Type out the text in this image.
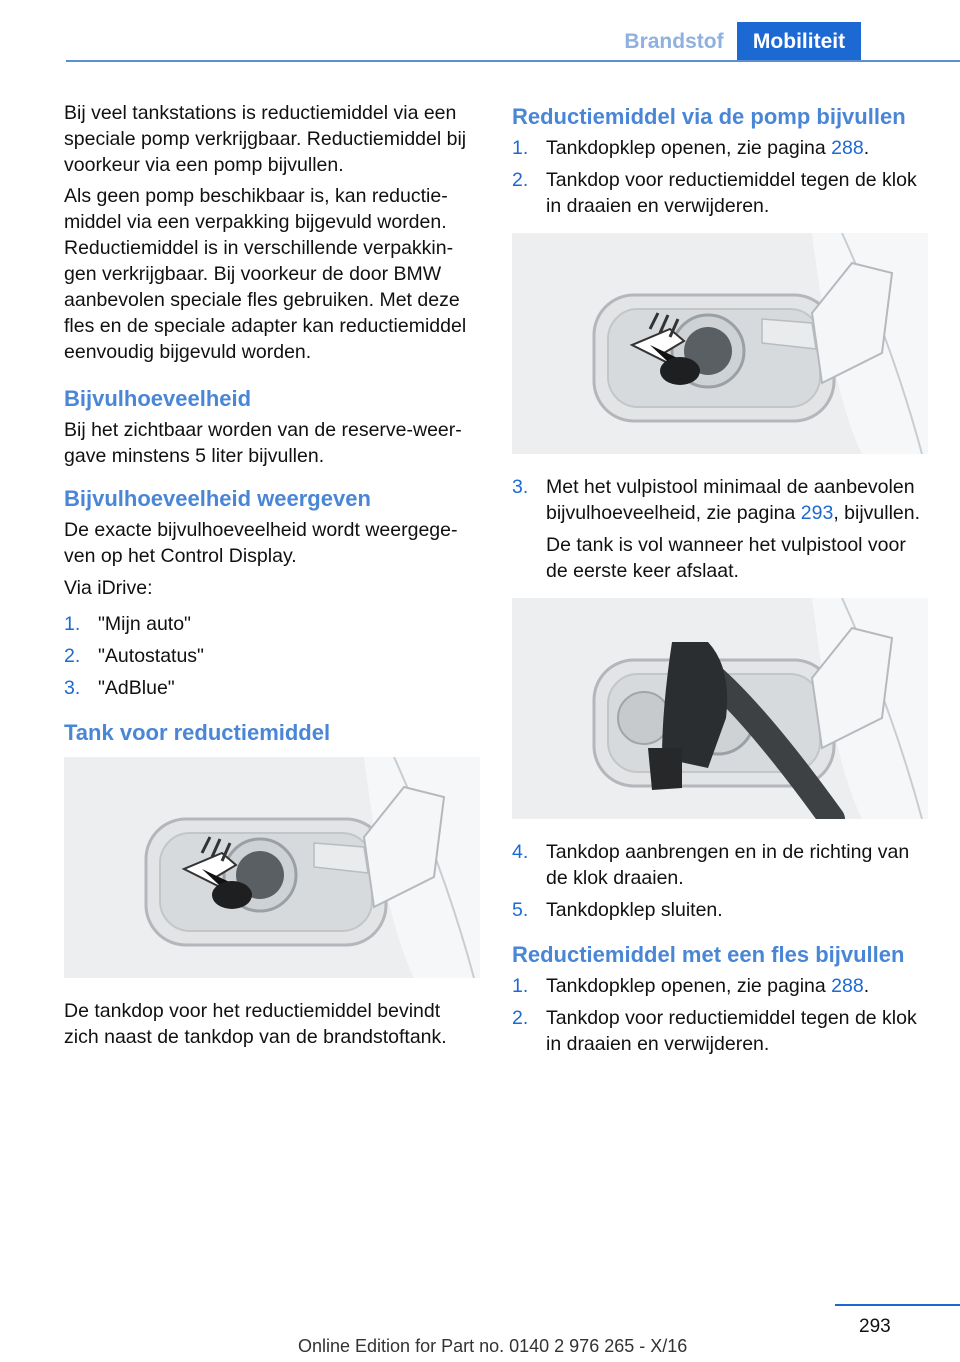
Brandstof	Mobiliteit

Bij veel tankstations is reductiemiddel via een speciale pomp verkrijgbaar. Reductiemiddel bij voorkeur via een pomp bijvullen.

Als geen pomp beschikbaar is, kan reductie-middel via een verpakking bijgevuld worden. Reductiemiddel is in verschillende verpakkin-gen verkrijgbaar. Bij voorkeur de door BMW aanbevolen speciale fles gebruiken. Met deze fles en de speciale adapter kan reductiemiddel eenvoudig bijgevuld worden.

Bijvulhoeveelheid

Bij het zichtbaar worden van de reserve-weer-gave minstens 5 liter bijvullen.

Bijvulhoeveelheid weergeven

De exacte bijvulhoeveelheid wordt weergege-ven op het Control Display.

Via iDrive:

1. "Mijn auto"
2. "Autostatus"
3. "AdBlue"
Tank voor reductiemiddel

De tankdop voor het reductiemiddel bevindt zich naast de tankdop van de brandstoftank.

Reductiemiddel via de pomp bijvullen
1. Tankdopklep openen, zie pagina 288.
2. Tankdop voor reductiemiddel tegen de klok in draaien en verwijderen.
3. Met het vulpistool minimaal de aanbevolen bijvulhoeveelheid, zie pagina 293, bijvullen.

De tank is vol wanneer het vulpistool voor de eerste keer afslaat.

4. Tankdop aanbrengen en in de richting van de klok draaien.
5. Tankdopklep sluiten.
Reductiemiddel met een fles bijvullen
1. Tankdopklep openen, zie pagina 288.
2. Tankdop voor reductiemiddel tegen de klok in draaien en verwijderen.
293
Online Edition for Part no. 0140 2 976 265 - X/16
